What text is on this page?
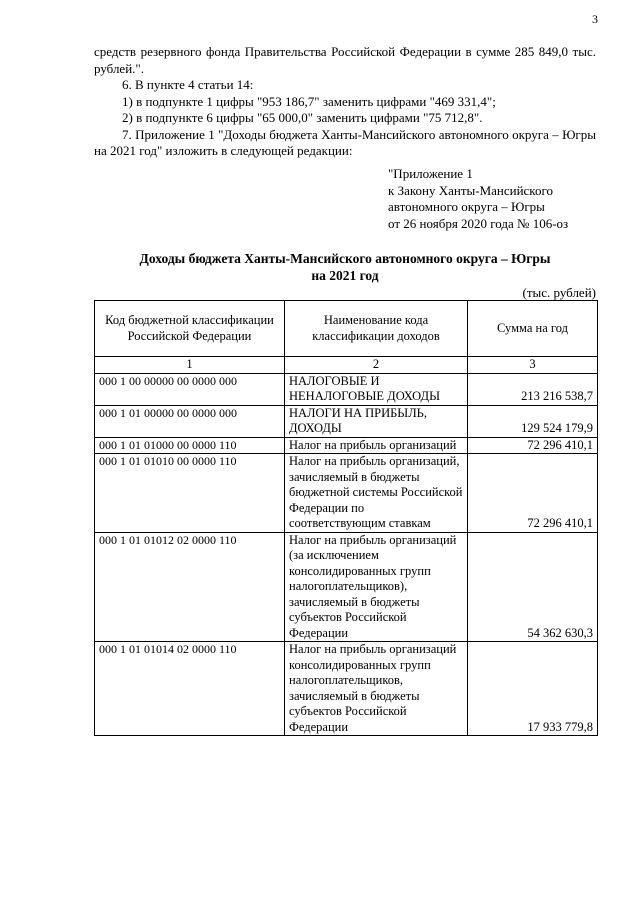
3

средств резервного фонда Правительства Российской Федерации в сумме 285 849,0 тыс. рублей.".

6. В пункте 4 статьи 14:

1) в подпункте 1 цифры "953 186,7" заменить цифрами "469 331,4";

2) в подпункте 6 цифры "65 000,0" заменить цифрами "75 712,8".

7. Приложение 1 "Доходы бюджета Ханты-Мансийского автономного округа – Югры на 2021 год" изложить в следующей редакции:

"Приложение 1
к Закону Ханты-Мансийского
автономного округа – Югры
от 26 ноября 2020 года № 106-оз
Доходы бюджета Ханты-Мансийского автономного округа – Югры
на 2021 год
(тыс. рублей)
Код бюджетной классификации Российской Федерации	Наименование кода классификации доходов	Сумма на год
1	2	3
000 1 00 00000 00 0000 000	НАЛОГОВЫЕ И НЕНАЛОГОВЫЕ ДОХОДЫ	213 216 538,7
000 1 01 00000 00 0000 000	НАЛОГИ НА ПРИБЫЛЬ, ДОХОДЫ	129 524 179,9
000 1 01 01000 00 0000 110	Налог на прибыль организаций	72 296 410,1
000 1 01 01010 00 0000 110	Налог на прибыль организаций, зачисляемый в бюджеты бюджетной системы Российской Федерации по соответствующим ставкам	72 296 410,1
000 1 01 01012 02 0000 110	Налог на прибыль организаций (за исключением консолидированных групп налогоплательщиков), зачисляемый в бюджеты субъектов Российской Федерации	54 362 630,3
000 1 01 01014 02 0000 110	Налог на прибыль организаций консолидированных групп налогоплательщиков, зачисляемый в бюджеты субъектов Российской Федерации	17 933 779,8
